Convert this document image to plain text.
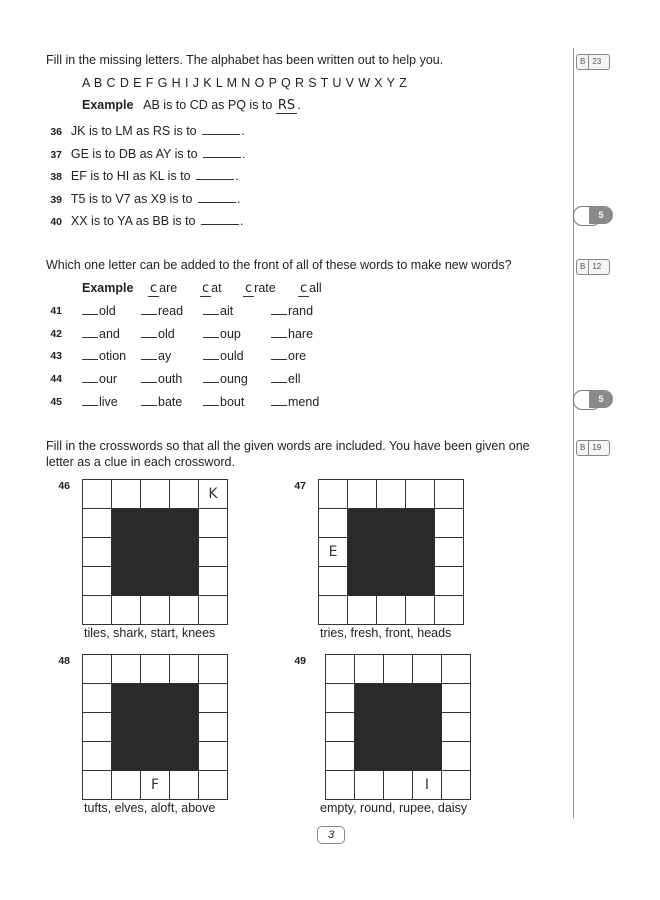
Fill in the missing letters. The alphabet has been written out to help you.	B 23
A B C D E F G H I J K L M N O P Q R S T U V W X Y Z
Example AB is to CD as PQ is to RS .
36 JK is to LM as RS is to	.
37 GE is to DB as AY is to	.
38 EF is to HI as KL is to	.
39 T5 is to V7 as X9 is to	.
40 XX is to YA as BB is to	.	5
Which one letter can be added to the front of all of these words to make new words?	B 12
Example c are c at c rate c all
41	old	read	ait	rand
42	and	old	oup	hare
43	otion	ay	ould	ore
44	our	outh	oung	ell
45	live	bate	bout	mend	5
Fill in the crosswords so that all the given words are included. You have been given one
letter as a clue in each crossword.
B 19
46
					K

tiles, shark, start, knees
47

E				

tries, fresh, front, heads
48

		F		
tufts, elves, aloft, above
49

			I	
empty, round, rupee, daisy
3
